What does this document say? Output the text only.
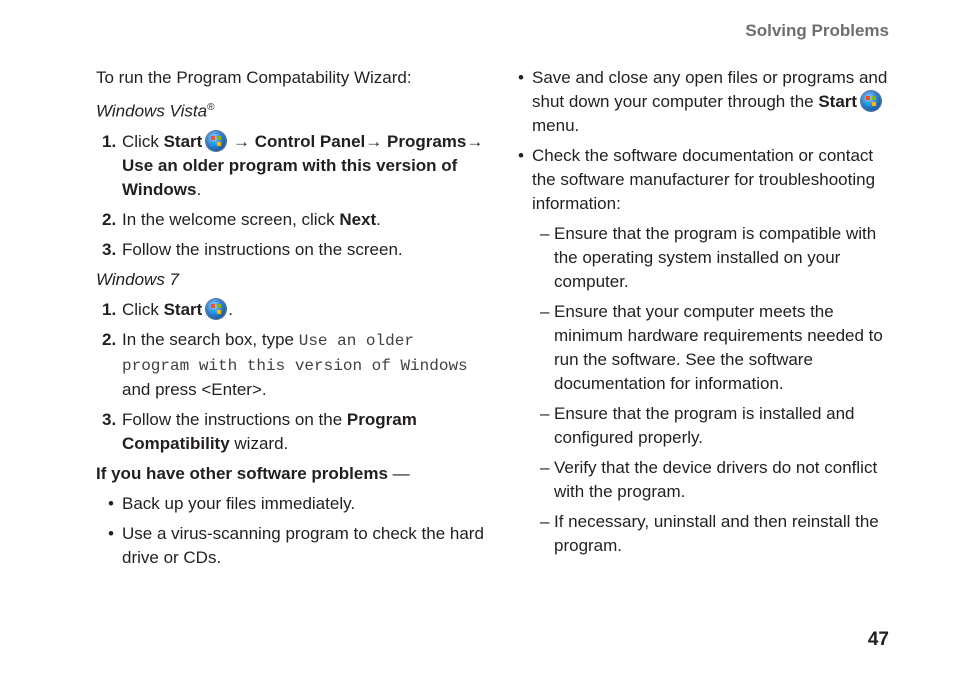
Solving Problems

To run the Program Compatability Wizard:

Windows Vista®

1. Click Start → Control Panel→ Programs→ Use an older program with this version of Windows.
2. In the welcome screen, click Next.
3. Follow the instructions on the screen.

Windows 7

1. Click Start .
2. In the search box, type Use an older program with this version of Windows and press <Enter>.
3. Follow the instructions on the Program Compatibility wizard.

If you have other software problems —

• Back up your files immediately.
• Use a virus-scanning program to check the hard drive or CDs.
• Save and close any open files or programs and shut down your computer through the Start menu.
• Check the software documentation or contact the software manufacturer for troubleshooting information:
– Ensure that the program is compatible with the operating system installed on your computer.
– Ensure that your computer meets the minimum hardware requirements needed to run the software. See the software documentation for information.
– Ensure that the program is installed and configured properly.
– Verify that the device drivers do not conflict with the program.
– If necessary, uninstall and then reinstall the program.
47
